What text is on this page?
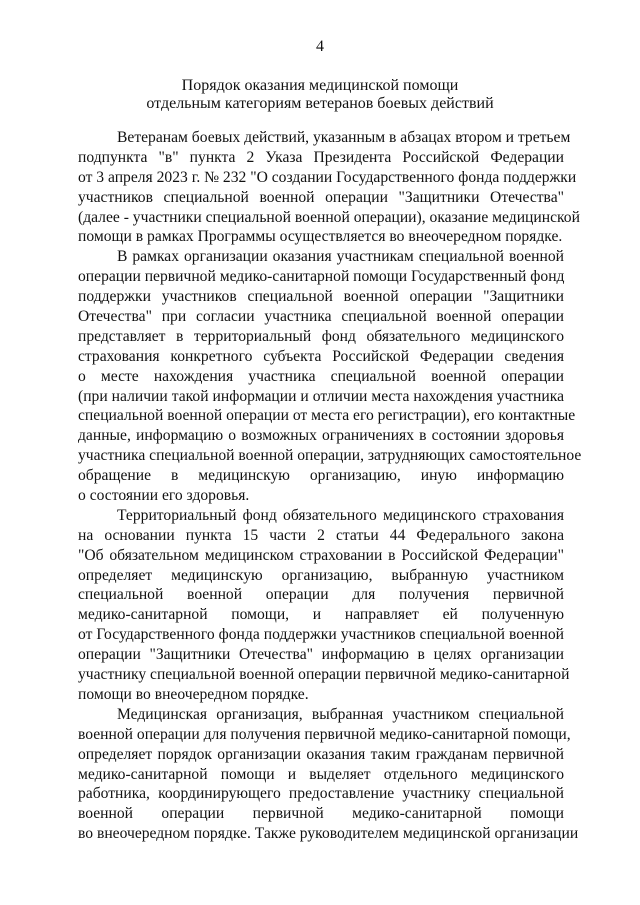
4
Порядок оказания медицинской помощи
отдельным категориям ветеранов боевых действий
Ветеранам боевых действий, указанным в абзацах втором и третьем
подпункта "в" пункта 2 Указа Президента Российской Федерации
от 3 апреля 2023 г. № 232 "О создании Государственного фонда поддержки
участников специальной военной операции "Защитники Отечества"
(далее - участники специальной военной операции), оказание медицинской
помощи в рамках Программы осуществляется во внеочередном порядке.
В рамках организации оказания участникам специальной военной
операции первичной медико-санитарной помощи Государственный фонд
поддержки участников специальной военной операции "Защитники
Отечества" при согласии участника специальной военной операции
представляет в территориальный фонд обязательного медицинского
страхования конкретного субъекта Российской Федерации сведения
о месте нахождения участника специальной военной операции
(при наличии такой информации и отличии места нахождения участника
специальной военной операции от места его регистрации), его контактные
данные, информацию о возможных ограничениях в состоянии здоровья
участника специальной военной операции, затрудняющих самостоятельное
обращение в медицинскую организацию, иную информацию
о состоянии его здоровья.
Территориальный фонд обязательного медицинского страхования
на основании пункта 15 части 2 статьи 44 Федерального закона
"Об обязательном медицинском страховании в Российской Федерации"
определяет медицинскую организацию, выбранную участником
специальной военной операции для получения первичной
медико-санитарной помощи, и направляет ей полученную
от Государственного фонда поддержки участников специальной военной
операции "Защитники Отечества" информацию в целях организации
участнику специальной военной операции первичной медико-санитарной
помощи во внеочередном порядке.
Медицинская организация, выбранная участником специальной
военной операции для получения первичной медико-санитарной помощи,
определяет порядок организации оказания таким гражданам первичной
медико-санитарной помощи и выделяет отдельного медицинского
работника, координирующего предоставление участнику специальной
военной операции первичной медико-санитарной помощи
во внеочередном порядке. Также руководителем медицинской организации
